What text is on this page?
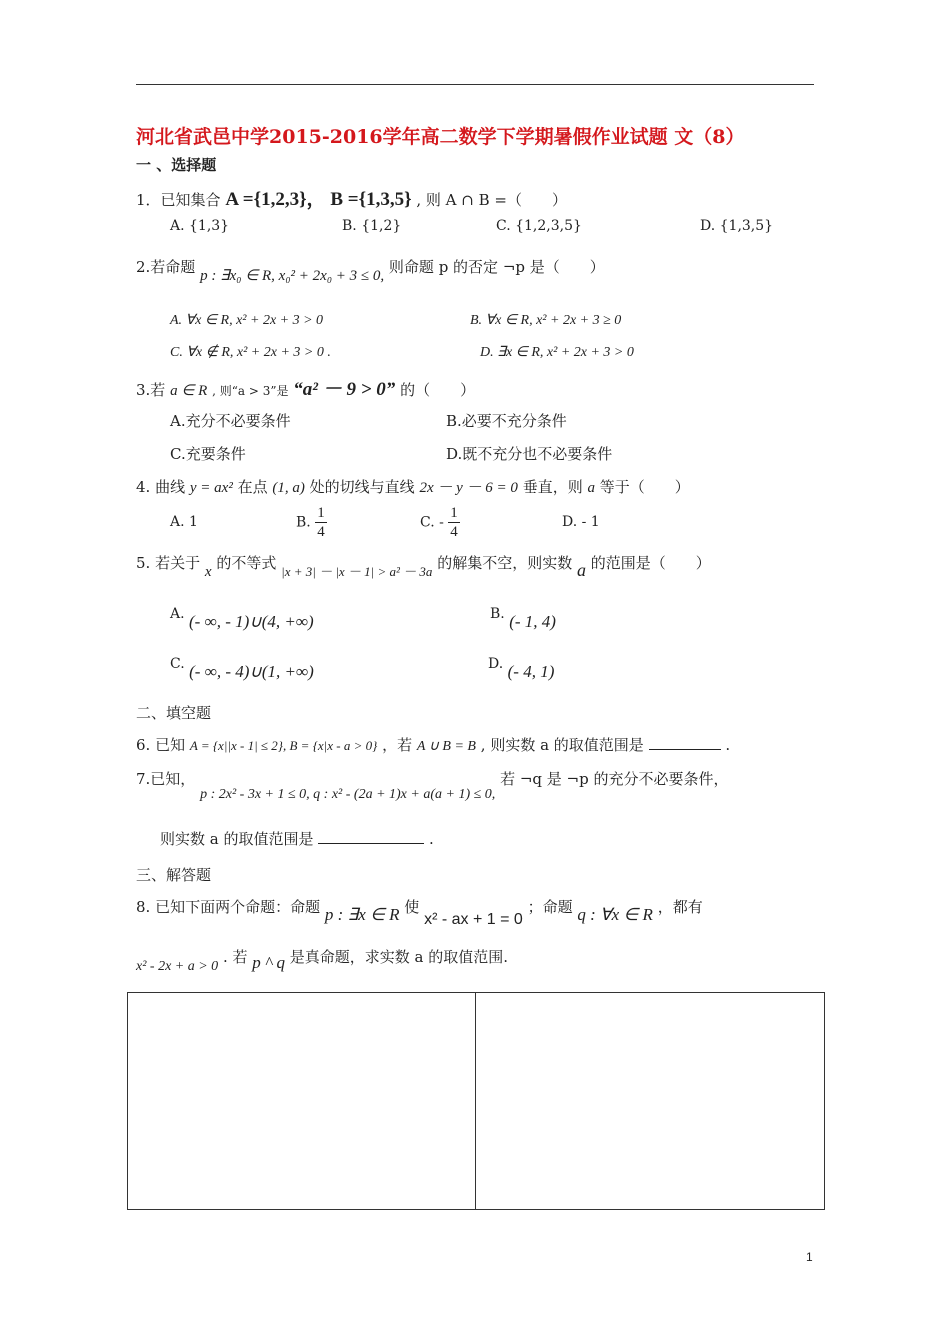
河北省武邑中学2015-2016学年高二数学下学期暑假作业试题 文（8）
一 、选择题
1．已知集合 A ={1,2,3}， B ={1,3,5} , 则 A ∩ B =（　　）
A. {1,3}	B. {1,2}	C. {1,2,3,5}	D. {1,3,5}
2.若命题 p : ∃x₀ ∈ R, x₀² + 2x₀ + 3 ≤ 0, 则命题 p 的否定 ¬p 是（　　）
A. ∀x ∈ R, x² + 2x + 3 > 0	B. ∀x ∈ R, x² + 2x + 3 ≥ 0
C. ∀x ∉ R, x² + 2x + 3 > 0 .	D. ∃x ∈ R, x² + 2x + 3 > 0
3.若 a ∈ R , 则“a > 3”是 “a² － 9 > 0” 的（　　）
A.充分不必要条件	B.必要不充分条件
C.充要条件	D.既不充分也不必要条件
4. 曲线 y = ax² 在点 (1, a) 处的切线与直线 2x － y － 6 = 0 垂直，则 a 等于（　　）
A. 1	B. $\frac{1}{4}$	C. - $\frac{1}{4}$	D. - 1
5. 若关于 x 的不等式 |x + 3| － |x － 1| > a² － 3a 的解集不空，则实数 a 的范围是（　　）
A. (- ∞, - 1)∪(4, +∞)	B. (- 1, 4)
C. (- ∞, - 4)∪(1, +∞)	D. (- 4, 1)
二、填空题
6. 已知 A = {x||x - 1| ≤ 2}, B = {x|x - a > 0} ，若 A ∪ B = B , 则实数 a 的取值范围是	.
7.已知， p : 2x² - 3x + 1 ≤ 0, q : x² - (2a + 1)x + a(a + 1) ≤ 0, 若 ¬q 是 ¬p 的充分不必要条件，
则实数 a 的取值范围是	.
三、解答题
8. 已知下面两个命题：命题 p : ∃x ∈ R 使 x² - ax + 1 = 0 ；命题 q : ∀x ∈ R ，都有
x² - 2x + a > 0 . 若 p ^ q 是真命题，求实数 a 的取值范围.
1
